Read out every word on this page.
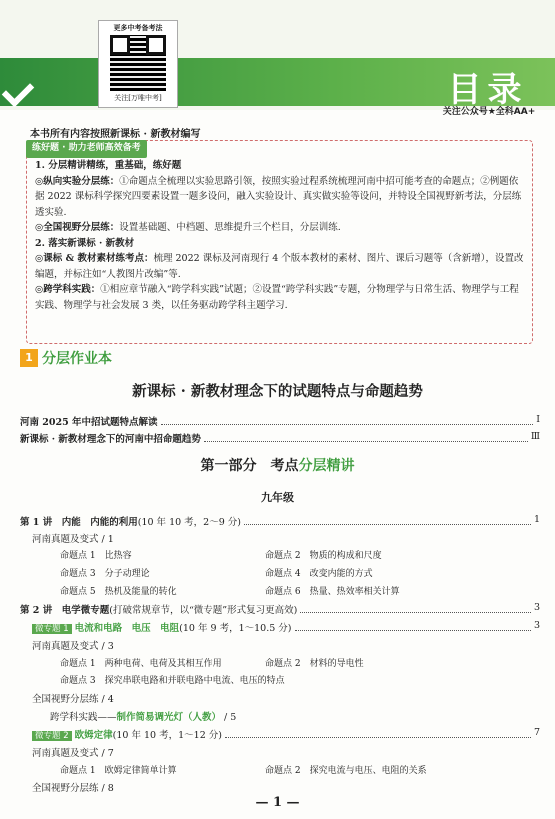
更多中考备考法
关注[万唯中考]	目录
关注公众号★全科AA+
本书所有内容按照新课标 · 新教材编写
练好题 · 助力老师高效备考

1. 分层精讲精练，重基础，练好题

◎纵向实验分层练：①命题点全梳理以实验思路引领，按照实验过程系统梳理河南中招可能考查的命题点；②例题依据 2022 课标科学探究四要素设置一题多设问，融入实验设计、真实做实验等设问，并特设全国视野新考法，分层练透实验.

◎全国视野分层练：设置基础题、中档题、思维提升三个栏目，分层训练.

2. 落实新课标 · 新教材

◎课标 & 教材素材练考点：梳理 2022 课标及河南现行 4 个版本教材的素材、图片、课后习题等（含新增），设置改编题，并标注如“人教图片改编”等.

◎跨学科实践：①相应章节融入“跨学科实践”试题；②设置“跨学科实践”专题，分物理学与日常生活、物理学与工程实践、物理学与社会发展 3 类，以任务驱动跨学科主题学习.

1 分层作业本
新课标 · 新教材理念下的试题特点与命题趋势
河南 2025 年中招试题特点解读	I
新课标 · 新教材理念下的河南中招命题趋势	Ⅲ
第一部分　考点分层精讲
九年级
第 1 讲　内能　内能的利用(10 年 10 考，2～9 分)	1
河南真题及变式 / 1
命题点 1　比热容	命题点 2　物质的构成和尺度
命题点 3　分子动理论	命题点 4　改变内能的方式
命题点 5　热机及能量的转化	命题点 6　热量、热效率相关计算
第 2 讲　电学微专题(打破常规章节，以“微专题”形式复习更高效)	3
微专题 1 电流和电路　电压　电阻(10 年 9 考，1～10.5 分)	3
河南真题及变式 / 3
命题点 1　两种电荷、电荷及其相互作用	命题点 2　材料的导电性
命题点 3　探究串联电路和并联电路中电流、电压的特点
全国视野分层练 / 4
跨学科实践——制作简易调光灯（人教） / 5
微专题 2 欧姆定律(10 年 10 考，1～12 分)	7
河南真题及变式 / 7
命题点 1　欧姆定律简单计算	命题点 2　探究电流与电压、电阻的关系
全国视野分层练 / 8
— 1 —
